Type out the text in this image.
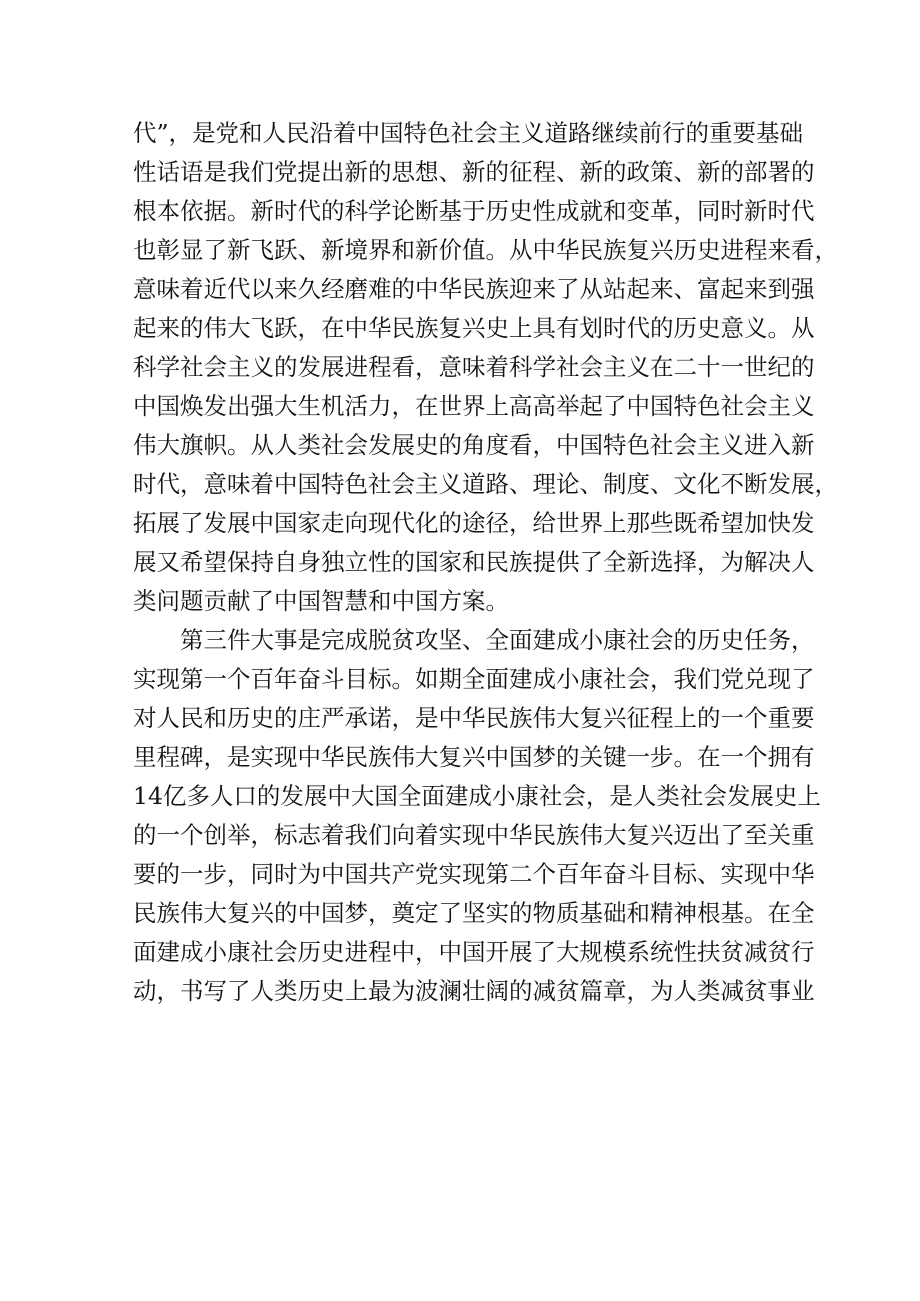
代”，是党和人民沿着中国特色社会主义道路继续前行的重要基础
性话语是我们党提出新的思想、新的征程、新的政策、新的部署的
根本依据。新时代的科学论断基于历史性成就和变革，同时新时代
也彰显了新飞跃、新境界和新价值。从中华民族复兴历史进程来看，
意味着近代以来久经磨难的中华民族迎来了从站起来、富起来到强
起来的伟大飞跃，在中华民族复兴史上具有划时代的历史意义。从
科学社会主义的发展进程看，意味着科学社会主义在二十一世纪的
中国焕发出强大生机活力，在世界上高高举起了中国特色社会主义
伟大旗帜。从人类社会发展史的角度看，中国特色社会主义进入新
时代，意味着中国特色社会主义道路、理论、制度、文化不断发展，
拓展了发展中国家走向现代化的途径，给世界上那些既希望加快发
展又希望保持自身独立性的国家和民族提供了全新选择，为解决人
类问题贡献了中国智慧和中国方案。
第三件大事是完成脱贫攻坚、全面建成小康社会的历史任务，
实现第一个百年奋斗目标。如期全面建成小康社会，我们党兑现了
对人民和历史的庄严承诺，是中华民族伟大复兴征程上的一个重要
里程碑，是实现中华民族伟大复兴中国梦的关键一步。在一个拥有
14亿多人口的发展中大国全面建成小康社会，是人类社会发展史上
的一个创举，标志着我们向着实现中华民族伟大复兴迈出了至关重
要的一步，同时为中国共产党实现第二个百年奋斗目标、实现中华
民族伟大复兴的中国梦，奠定了坚实的物质基础和精神根基。在全
面建成小康社会历史进程中，中国开展了大规模系统性扶贫减贫行
动，书写了人类历史上最为波澜壮阔的减贫篇章，为人类减贫事业
